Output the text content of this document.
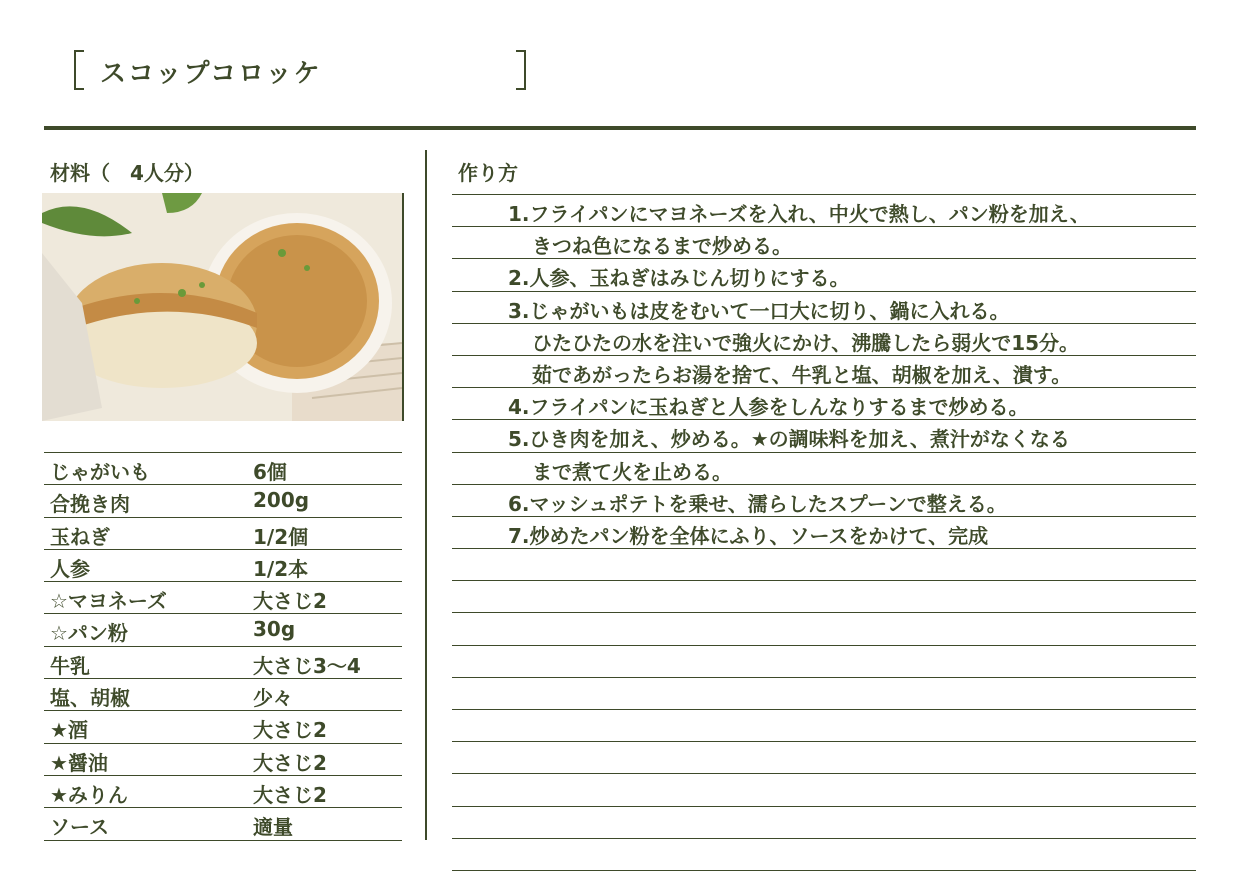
スコップコロッケ
材料（　4人分）
じゃがいも	6個
合挽き肉	200g
玉ねぎ	1/2個
人参	1/2本
☆マヨネーズ	大さじ2
☆パン粉	30g
牛乳	大さじ3〜4
塩、胡椒	少々
★酒	大さじ2
★醤油	大さじ2
★みりん	大さじ2
ソース	適量
作り方
1.フライパンにマヨネーズを入れ、中火で熱し、パン粉を加え、
きつね色になるまで炒める。
2.人参、玉ねぎはみじん切りにする。
3.じゃがいもは皮をむいて一口大に切り、鍋に入れる。
ひたひたの水を注いで強火にかけ、沸騰したら弱火で15分。
茹であがったらお湯を捨て、牛乳と塩、胡椒を加え、潰す。
4.フライパンに玉ねぎと人参をしんなりするまで炒める。
5.ひき肉を加え、炒める。★の調味料を加え、煮汁がなくなる
まで煮て火を止める。
6.マッシュポテトを乗せ、濡らしたスプーンで整える。
7.炒めたパン粉を全体にふり、ソースをかけて、完成
